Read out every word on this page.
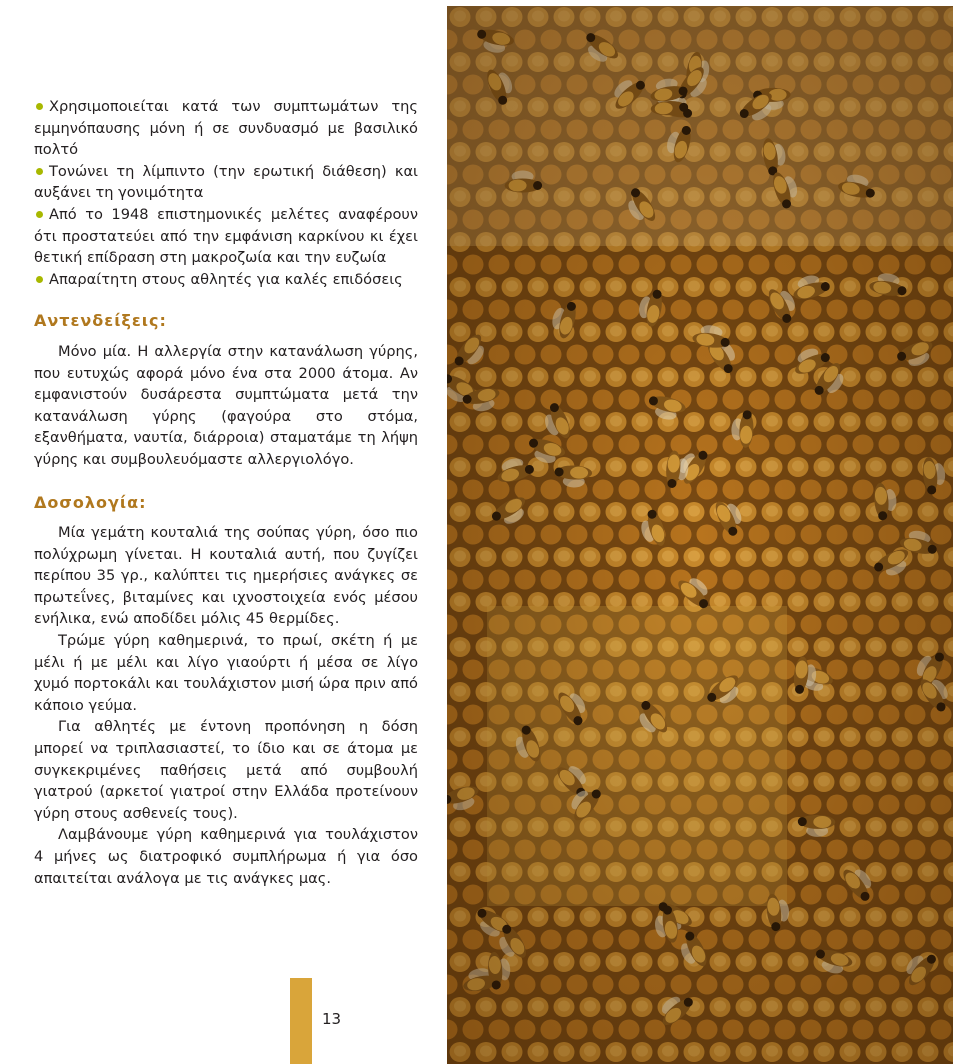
Χρησιμοποιείται κατά των συμπτωμάτων της εμμηνόπαυσης μόνη ή σε συνδυασμό με βασιλικό πολτό
Τονώνει τη λίμπιντο (την ερωτική διάθεση) και αυξάνει τη γονιμότητα
Από το 1948 επιστημονικές μελέτες αναφέρουν ότι προστατεύει από την εμφάνιση καρκίνου κι έχει θετική επίδραση στη μακροζωία και την ευζωία
Απαραίτητη στους αθλητές για καλές επιδόσεις
Αντενδείξεις:

Μόνο μία. Η αλλεργία στην κατανάλωση γύρης, που ευτυχώς αφορά μόνο ένα στα 2000 άτομα. Αν εμφανιστούν δυσάρεστα συμπτώματα μετά την κατανάλωση γύρης (φαγούρα στο στόμα, εξανθήματα, ναυτία, διάρροια) σταματάμε τη λήψη γύρης και συμβουλευόμαστε αλλεργιολόγο.

Δοσολογία:

Μία γεμάτη κουταλιά της σούπας γύρη, όσο πιο πολύχρωμη γίνεται. Η κουταλιά αυτή, που ζυγίζει περίπου 35 γρ., καλύπτει τις ημερήσιες ανάγκες σε πρωτεΐνες, βιταμίνες και ιχνοστοιχεία ενός μέσου ενήλικα, ενώ αποδίδει μόλις 45 θερμίδες.

Τρώμε γύρη καθημερινά, το πρωί, σκέτη ή με μέλι ή με μέλι και λίγο γιαούρτι ή μέσα σε λίγο χυμό πορτοκάλι και τουλάχιστον μισή ώρα πριν από κάποιο γεύμα.

Για αθλητές με έντονη προπόνηση η δόση μπορεί να τριπλασιαστεί, το ίδιο και σε άτομα με συγκεκριμένες παθήσεις μετά από συμβουλή γιατρού (αρκετοί γιατροί στην Ελλάδα προτείνουν γύρη στους ασθενείς τους).

Λαμβάνουμε γύρη καθημερινά για τουλάχιστον 4 μήνες ως διατροφικό συμπλήρωμα ή για όσο απαιτείται ανάλογα με τις ανάγκες μας.

13
